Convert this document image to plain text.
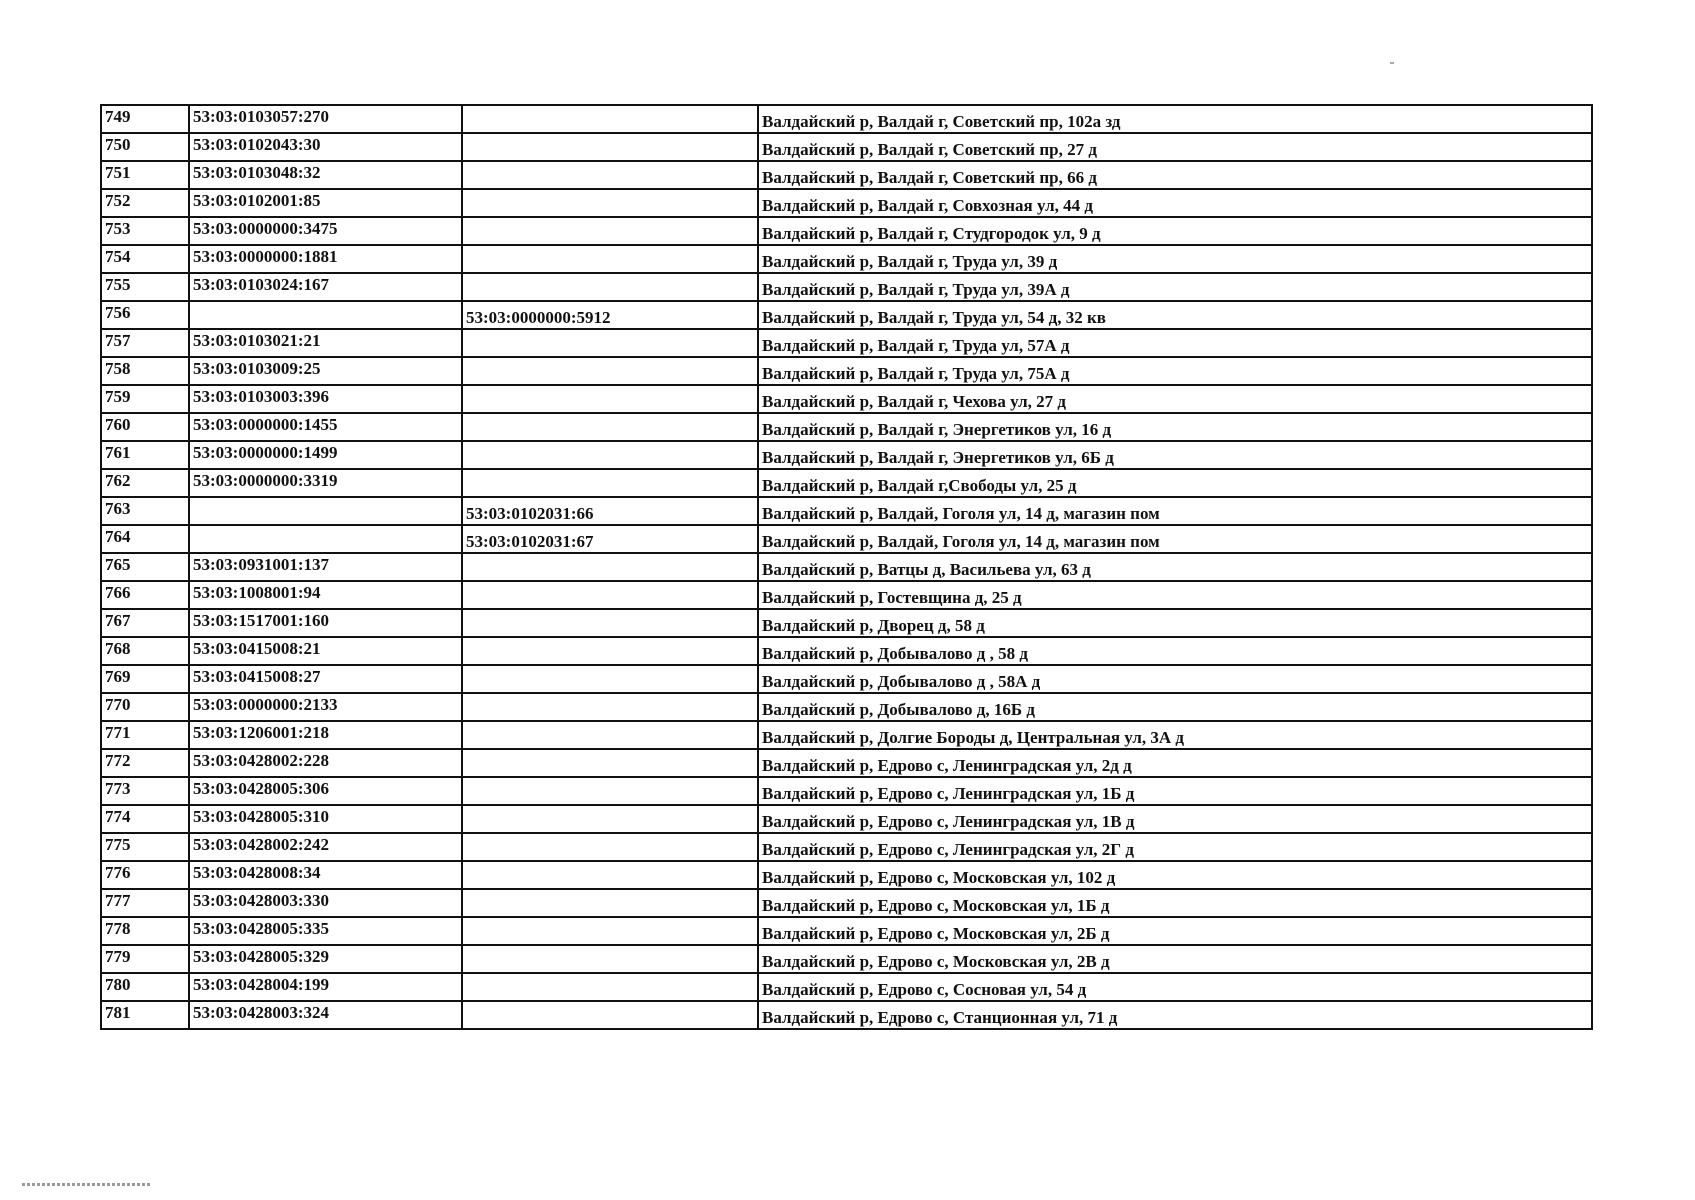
749	53:03:0103057:270		Валдайский р, Валдай г, Советский пр, 102а зд
750	53:03:0102043:30		Валдайский р, Валдай г, Советский пр, 27 д
751	53:03:0103048:32		Валдайский р, Валдай г, Советский пр, 66 д
752	53:03:0102001:85		Валдайский р, Валдай г, Совхозная ул, 44 д
753	53:03:0000000:3475		Валдайский р, Валдай г, Студгородок ул, 9 д
754	53:03:0000000:1881		Валдайский р, Валдай г, Труда ул, 39 д
755	53:03:0103024:167		Валдайский р, Валдай г, Труда ул, 39А д
756		53:03:0000000:5912	Валдайский р, Валдай г, Труда ул, 54 д, 32 кв
757	53:03:0103021:21		Валдайский р, Валдай г, Труда ул, 57А д
758	53:03:0103009:25		Валдайский р, Валдай г, Труда ул, 75А д
759	53:03:0103003:396		Валдайский р, Валдай г, Чехова ул, 27 д
760	53:03:0000000:1455		Валдайский р, Валдай г, Энергетиков ул, 16 д
761	53:03:0000000:1499		Валдайский р, Валдай г, Энергетиков ул, 6Б д
762	53:03:0000000:3319		Валдайский р, Валдай г,Свободы ул, 25 д
763		53:03:0102031:66	Валдайский р, Валдай, Гоголя ул, 14 д, магазин пом
764		53:03:0102031:67	Валдайский р, Валдай, Гоголя ул, 14 д, магазин пом
765	53:03:0931001:137		Валдайский р, Ватцы д, Васильева ул, 63 д
766	53:03:1008001:94		Валдайский р, Гостевщина д, 25 д
767	53:03:1517001:160		Валдайский р, Дворец д, 58 д
768	53:03:0415008:21		Валдайский р, Добывалово д , 58 д
769	53:03:0415008:27		Валдайский р, Добывалово д , 58А д
770	53:03:0000000:2133		Валдайский р, Добывалово д, 16Б д
771	53:03:1206001:218		Валдайский р, Долгие Бороды д, Центральная ул, 3А д
772	53:03:0428002:228		Валдайский р, Едрово с, Ленинградская ул, 2д д
773	53:03:0428005:306		Валдайский р, Едрово с, Ленинградская ул, 1Б д
774	53:03:0428005:310		Валдайский р, Едрово с, Ленинградская ул, 1В д
775	53:03:0428002:242		Валдайский р, Едрово с, Ленинградская ул, 2Г д
776	53:03:0428008:34		Валдайский р, Едрово с, Московская ул, 102 д
777	53:03:0428003:330		Валдайский р, Едрово с, Московская ул, 1Б д
778	53:03:0428005:335		Валдайский р, Едрово с, Московская ул, 2Б д
779	53:03:0428005:329		Валдайский р, Едрово с, Московская ул, 2В д
780	53:03:0428004:199		Валдайский р, Едрово с, Сосновая ул, 54 д
781	53:03:0428003:324		Валдайский р, Едрово с, Станционная ул, 71 д
